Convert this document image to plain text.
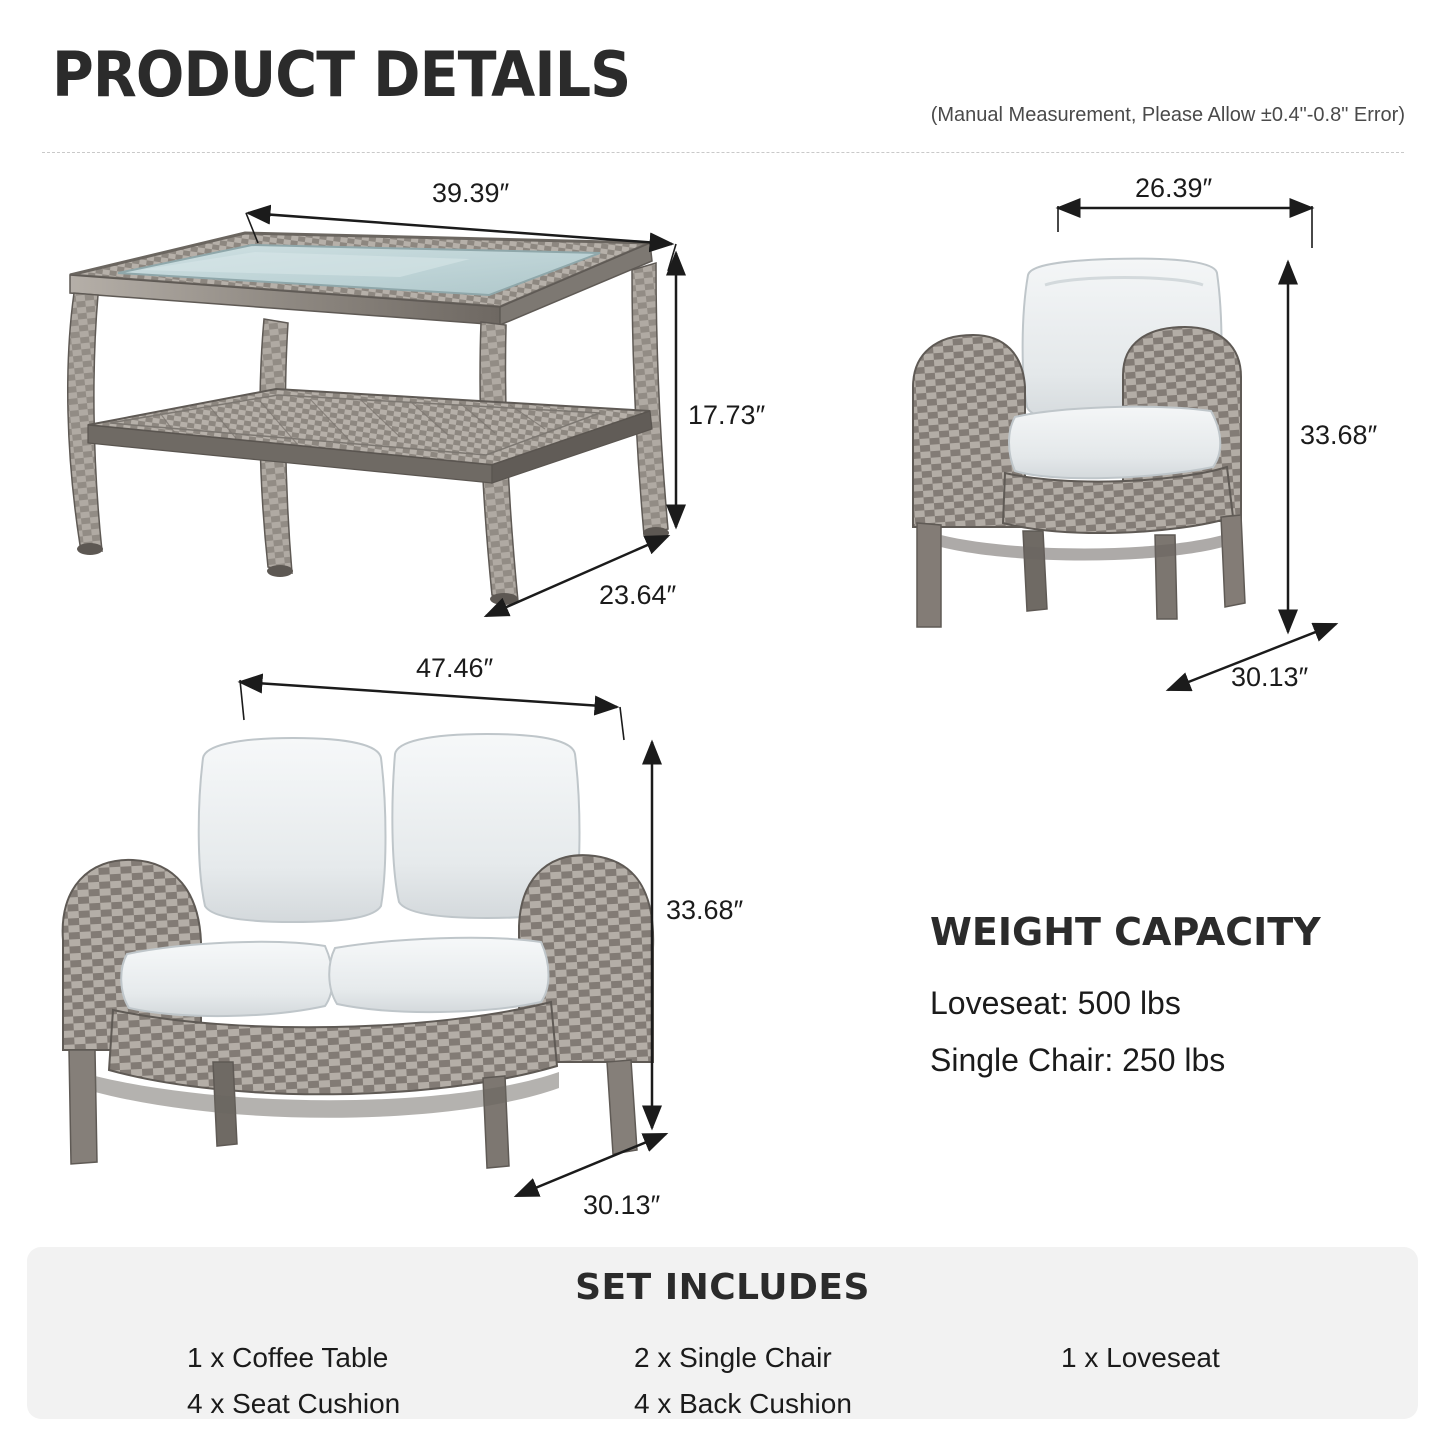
PRODUCT DETAILS
(Manual Measurement, Please Allow ±0.4"-0.8" Error)
39.39″
17.73″
23.64″
26.39″
33.68″
30.13″
47.46″
33.68″
30.13″
WEIGHT CAPACITY
Loveseat: 500 lbs
Single Chair: 250 lbs
SET INCLUDES
1 x Coffee Table	2 x Single Chair	1 x Loveseat
4 x Seat Cushion	4 x Back Cushion
